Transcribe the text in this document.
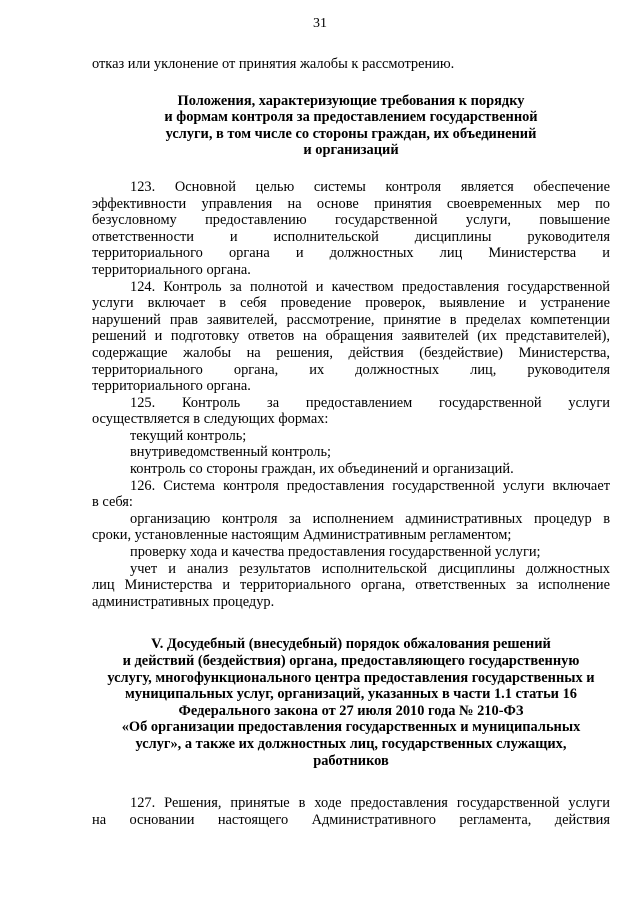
31
отказ или уклонение от принятия жалобы к рассмотрению.
Положения, характеризующие требования к порядку
и формам контроля за предоставлением государственной
услуги, в том числе со стороны граждан, их объединений
и организаций
123. Основной целью системы контроля является обеспечение
эффективности управления на основе принятия своевременных мер по
безусловному предоставлению государственной услуги, повышение
ответственности и исполнительской дисциплины руководителя
территориального органа и должностных лиц Министерства и
территориального органа.
124. Контроль за полнотой и качеством предоставления государственной
услуги включает в себя проведение проверок, выявление и устранение
нарушений прав заявителей, рассмотрение, принятие в пределах компетенции
решений и подготовку ответов на обращения заявителей (их представителей),
содержащие жалобы на решения, действия (бездействие) Министерства,
территориального органа, их должностных лиц, руководителя
территориального органа.
125. Контроль за предоставлением государственной услуги
осуществляется в следующих формах:
текущий контроль;
внутриведомственный контроль;
контроль со стороны граждан, их объединений и организаций.
126. Система контроля предоставления государственной услуги включает
в себя:
организацию контроля за исполнением административных процедур в
сроки, установленные настоящим Административным регламентом;
проверку хода и качества предоставления государственной услуги;
учет и анализ результатов исполнительской дисциплины должностных
лиц Министерства и территориального органа, ответственных за исполнение
административных процедур.
V. Досудебный (внесудебный) порядок обжалования решений
и действий (бездействия) органа, предоставляющего государственную
услугу, многофункционального центра предоставления государственных и
муниципальных услуг, организаций, указанных в части 1.1 статьи 16
Федерального закона от 27 июля 2010 года № 210-ФЗ
«Об организации предоставления государственных и муниципальных
услуг», а также их должностных лиц, государственных служащих,
работников
127. Решения, принятые в ходе предоставления государственной услуги
на основании настоящего Административного регламента, действия
